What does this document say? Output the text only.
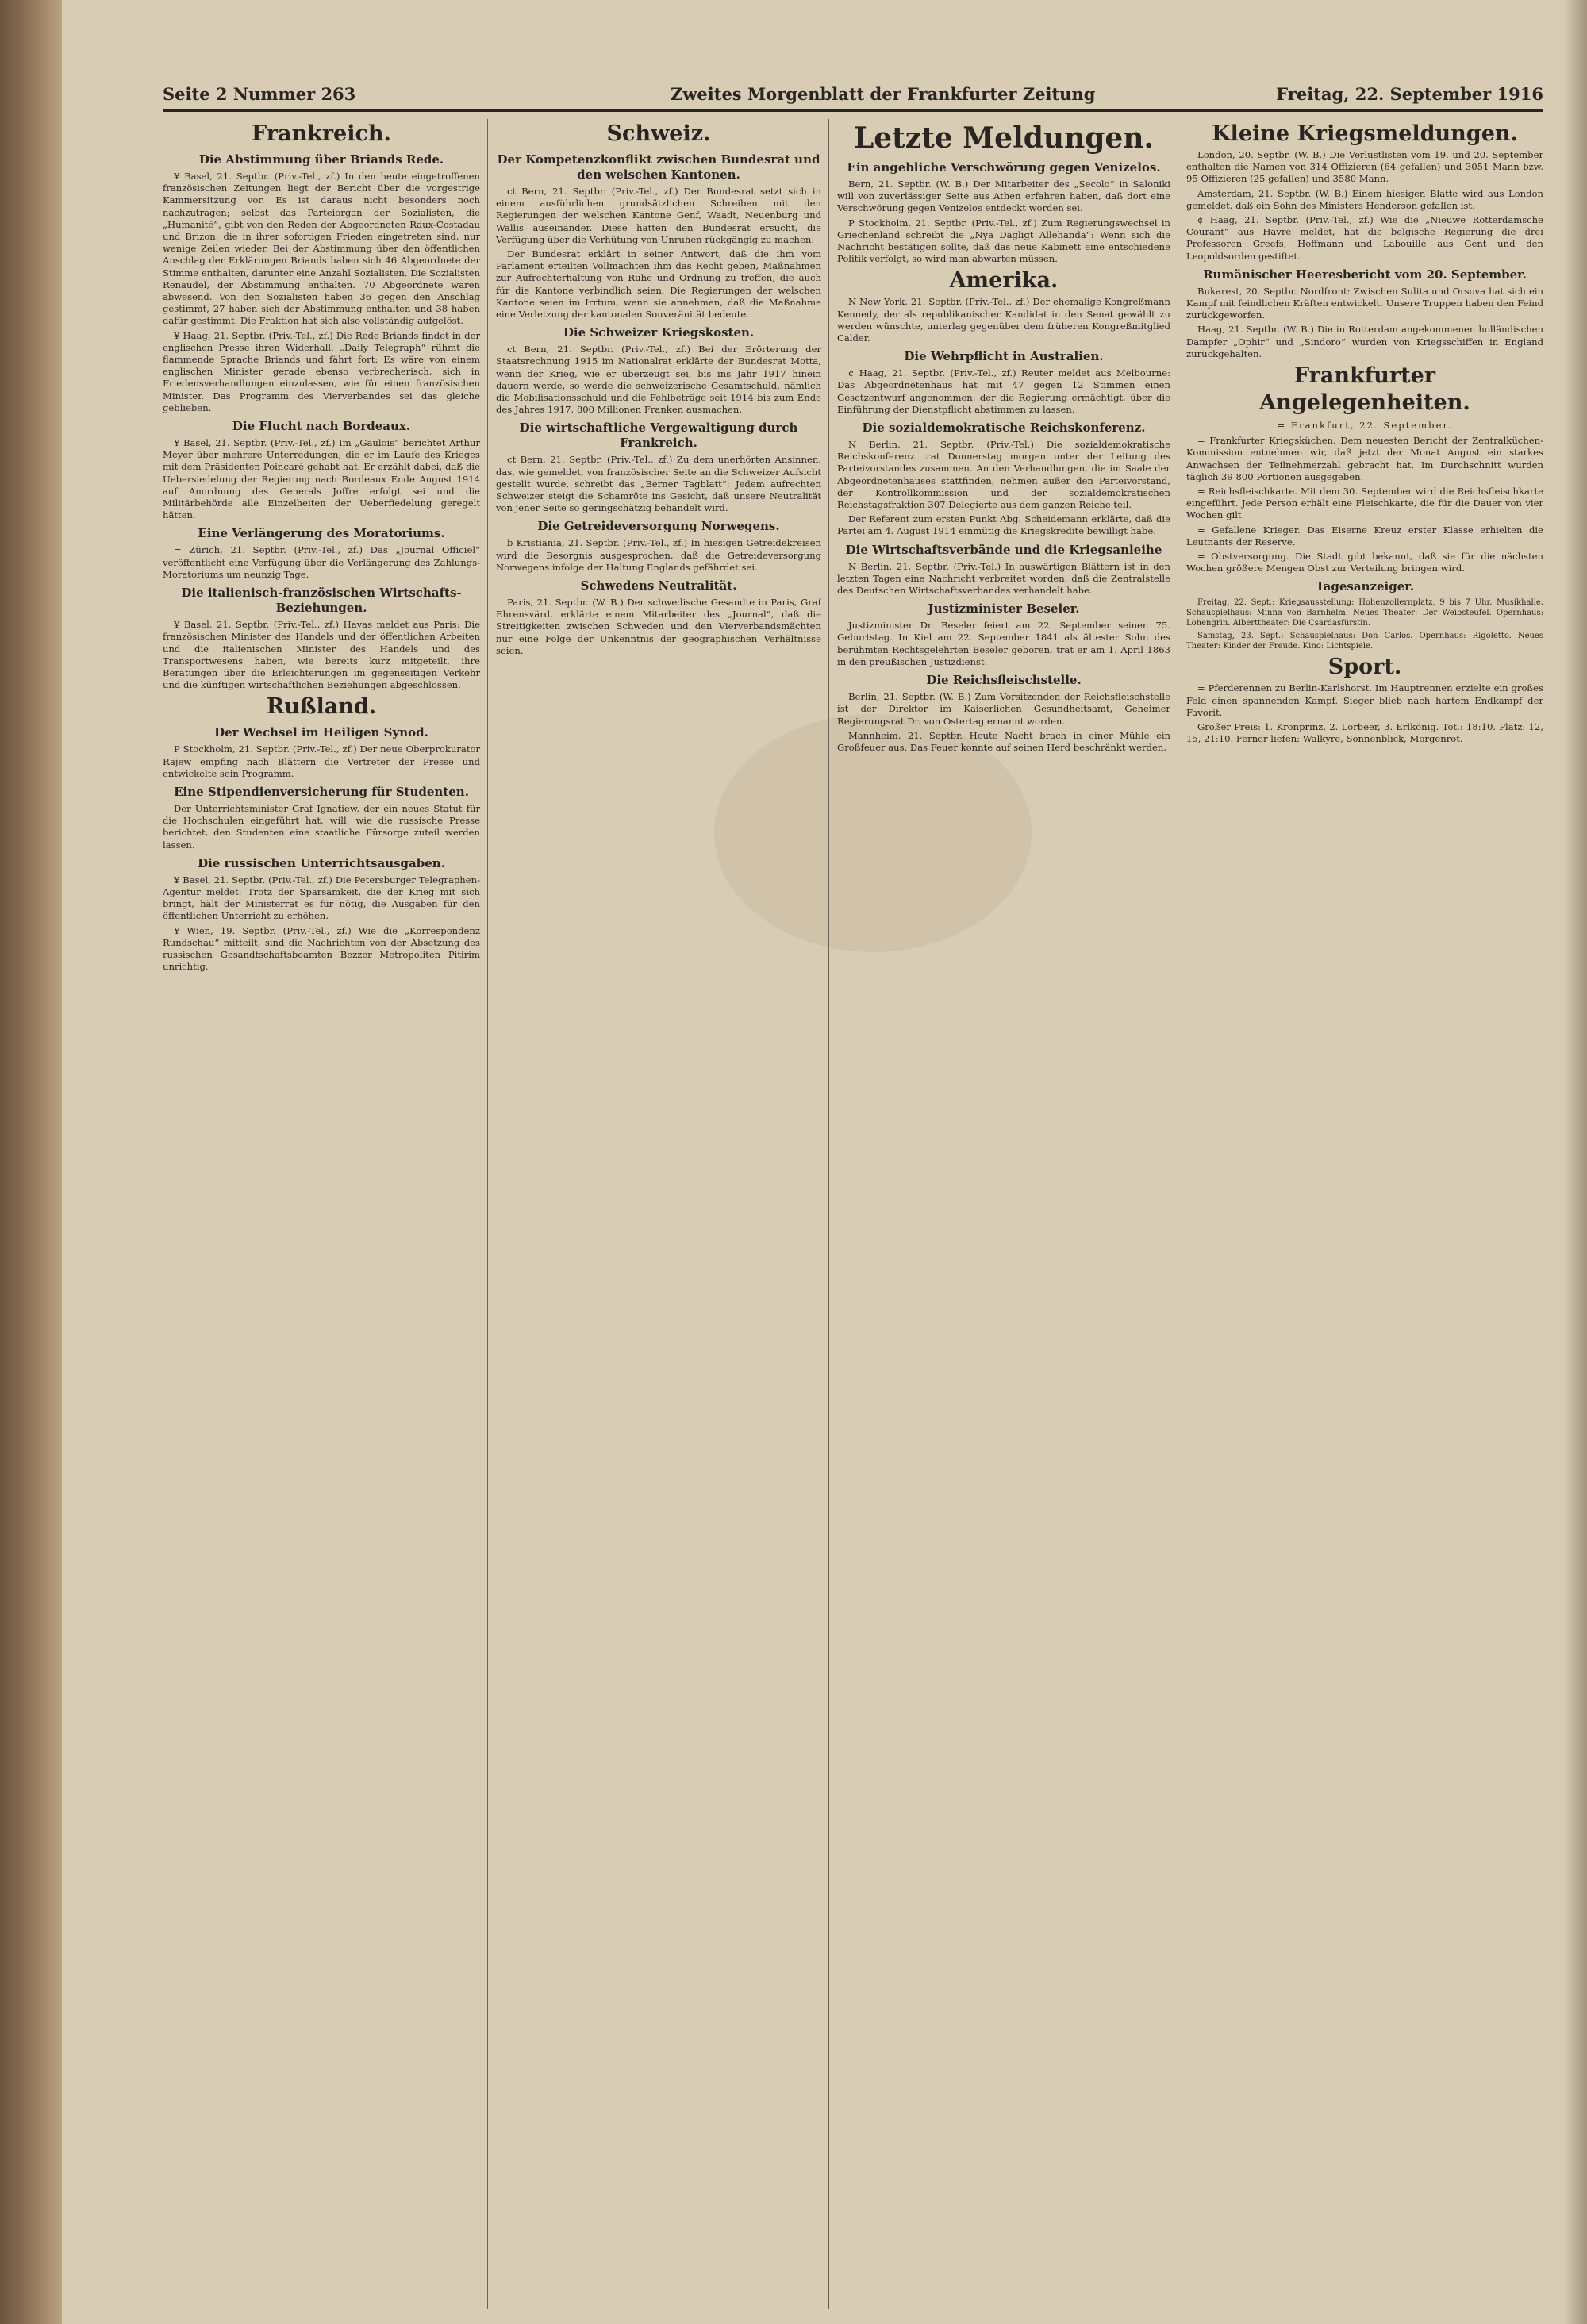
Seite 2 Nummer 263	Zweites Morgenblatt der Frankfurter Zeitung	Freitag, 22. September 1916
Frankreich.
Die Abstimmung über Briands Rede.

¥ Basel, 21. Septbr. (Priv.-Tel., zf.) In den heute eingetroffenen französischen Zeitungen liegt der Bericht über die vorgestrige Kammersitzung vor. Es ist daraus nicht besonders noch nachzutragen; selbst das Parteiorgan der Sozialisten, die „Humanité“, gibt von den Reden der Abgeordneten Raux-Costadau und Brizon, die in ihrer sofortigen Frieden eingetreten sind, nur wenige Zeilen wieder. Bei der Abstimmung über den öffentlichen Anschlag der Erklärungen Briands haben sich 46 Abgeordnete der Stimme enthalten, darunter eine Anzahl Sozialisten. Die Sozialisten Renaudel, der Abstimmung enthalten. 70 Abgeordnete waren abwesend. Von den Sozialisten haben 36 gegen den Anschlag gestimmt, 27 haben sich der Abstimmung enthalten und 38 haben dafür gestimmt. Die Fraktion hat sich also vollständig aufgelöst.

¥ Haag, 21. Septbr. (Priv.-Tel., zf.) Die Rede Briands findet in der englischen Presse ihren Widerhall. „Daily Telegraph“ rühmt die flammende Sprache Briands und fährt fort: Es wäre von einem englischen Minister gerade ebenso verbrecherisch, sich in Friedensverhandlungen einzulassen, wie für einen französischen Minister. Das Programm des Vierverbandes sei das gleiche geblieben.

Die Flucht nach Bordeaux.

¥ Basel, 21. Septbr. (Priv.-Tel., zf.) Im „Gaulois“ berichtet Arthur Meyer über mehrere Unterredungen, die er im Laufe des Krieges mit dem Präsidenten Poincaré gehabt hat. Er erzählt dabei, daß die Uebersiedelung der Regierung nach Bordeaux Ende August 1914 auf Anordnung des Generals Joffre erfolgt sei und die Militärbehörde alle Einzelheiten der Ueberfiedelung geregelt hätten.

Eine Verlängerung des Moratoriums.

= Zürich, 21. Septbr. (Priv.-Tel., zf.) Das „Journal Officiel“ veröffentlicht eine Verfügung über die Verlängerung des Zahlungs-Moratoriums um neunzig Tage.

Die italienisch-französischen Wirtschafts-Beziehungen.

¥ Basel, 21. Septbr. (Priv.-Tel., zf.) Havas meldet aus Paris: Die französischen Minister des Handels und der öffentlichen Arbeiten und die italienischen Minister des Handels und des Transportwesens haben, wie bereits kurz mitgeteilt, ihre Beratungen über die Erleichterungen im gegenseitigen Verkehr und die künftigen wirtschaftlichen Beziehungen abgeschlossen.

Rußland.
Der Wechsel im Heiligen Synod.

P Stockholm, 21. Septbr. (Priv.-Tel., zf.) Der neue Oberprokurator Rajew empfing nach Blättern die Vertreter der Presse und entwickelte sein Programm.

Eine Stipendienversicherung für Studenten.

Der Unterrichtsminister Graf Ignatiew, der ein neues Statut für die Hochschulen eingeführt hat, will, wie die russische Presse berichtet, den Studenten eine staatliche Fürsorge zuteil werden lassen.

Die russischen Unterrichtsausgaben.

¥ Basel, 21. Septbr. (Priv.-Tel., zf.) Die Petersburger Telegraphen-Agentur meldet: Trotz der Sparsamkeit, die der Krieg mit sich bringt, hält der Ministerrat es für nötig, die Ausgaben für den öffentlichen Unterricht zu erhöhen.

¥ Wien, 19. Septbr. (Priv.-Tel., zf.) Wie die „Korrespondenz Rundschau“ mitteilt, sind die Nachrichten von der Absetzung des russischen Gesandtschaftsbeamten Bezzer Metropoliten Pitirim unrichtig.

Schweiz.
Der Kompetenzkonflikt zwischen Bundesrat und den welschen Kantonen.

ct Bern, 21. Septbr. (Priv.-Tel., zf.) Der Bundesrat setzt sich in einem ausführlichen grundsätzlichen Schreiben mit den Regierungen der welschen Kantone Genf, Waadt, Neuenburg und Wallis auseinander. Diese hatten den Bundesrat ersucht, die Verfügung über die Verhütung von Unruhen rückgängig zu machen.

Der Bundesrat erklärt in seiner Antwort, daß die ihm vom Parlament erteilten Vollmachten ihm das Recht geben, Maßnahmen zur Aufrechterhaltung von Ruhe und Ordnung zu treffen, die auch für die Kantone verbindlich seien. Die Regierungen der welschen Kantone seien im Irrtum, wenn sie annehmen, daß die Maßnahme eine Verletzung der kantonalen Souveränität bedeute.

Die Schweizer Kriegskosten.

ct Bern, 21. Septbr. (Priv.-Tel., zf.) Bei der Erörterung der Staatsrechnung 1915 im Nationalrat erklärte der Bundesrat Motta, wenn der Krieg, wie er überzeugt sei, bis ins Jahr 1917 hinein dauern werde, so werde die schweizerische Gesamtschuld, nämlich die Mobilisationsschuld und die Fehlbeträge seit 1914 bis zum Ende des Jahres 1917, 800 Millionen Franken ausmachen.

Die wirtschaftliche Vergewaltigung durch Frankreich.

ct Bern, 21. Septbr. (Priv.-Tel., zf.) Zu dem unerhörten Ansinnen, das, wie gemeldet, von französischer Seite an die Schweizer Aufsicht gestellt wurde, schreibt das „Berner Tagblatt“: Jedem aufrechten Schweizer steigt die Schamröte ins Gesicht, daß unsere Neutralität von jener Seite so geringschätzig behandelt wird.

Die Getreideversorgung Norwegens.

b Kristiania, 21. Septbr. (Priv.-Tel., zf.) In hiesigen Getreidekreisen wird die Besorgnis ausgesprochen, daß die Getreideversorgung Norwegens infolge der Haltung Englands gefährdet sei.

Schwedens Neutralität.

Paris, 21. Septbr. (W. B.) Der schwedische Gesandte in Paris, Graf Ehrensvärd, erklärte einem Mitarbeiter des „Journal“, daß die Streitigkeiten zwischen Schweden und den Vierverbandsmächten nur eine Folge der Unkenntnis der geographischen Verhältnisse seien.

Letzte Meldungen.
Ein angebliche Verschwörung gegen Venizelos.

Bern, 21. Septbr. (W. B.) Der Mitarbeiter des „Secolo“ in Saloniki will von zuverlässiger Seite aus Athen erfahren haben, daß dort eine Verschwörung gegen Venizelos entdeckt worden sei.

P Stockholm, 21. Septbr. (Priv.-Tel., zf.) Zum Regierungswechsel in Griechenland schreibt die „Nya Dagligt Allehanda“: Wenn sich die Nachricht bestätigen sollte, daß das neue Kabinett eine entschiedene Politik verfolgt, so wird man abwarten müssen.

Amerika.

N New York, 21. Septbr. (Priv.-Tel., zf.) Der ehemalige Kongreßmann Kennedy, der als republikanischer Kandidat in den Senat gewählt zu werden wünschte, unterlag gegenüber dem früheren Kongreßmitglied Calder.

Die Wehrpflicht in Australien.

¢ Haag, 21. Septbr. (Priv.-Tel., zf.) Reuter meldet aus Melbourne: Das Abgeordnetenhaus hat mit 47 gegen 12 Stimmen einen Gesetzentwurf angenommen, der die Regierung ermächtigt, über die Einführung der Dienstpflicht abstimmen zu lassen.

Die sozialdemokratische Reichskonferenz.

N Berlin, 21. Septbr. (Priv.-Tel.) Die sozialdemokratische Reichskonferenz trat Donnerstag morgen unter der Leitung des Parteivorstandes zusammen. An den Verhandlungen, die im Saale der Abgeordnetenhauses stattfinden, nehmen außer den Parteivorstand, der Kontrollkommission und der sozialdemokratischen Reichstagsfraktion 307 Delegierte aus dem ganzen Reiche teil.

Der Referent zum ersten Punkt Abg. Scheidemann erklärte, daß die Partei am 4. August 1914 einmütig die Kriegskredite bewilligt habe.

Die Wirtschaftsverbände und die Kriegsanleihe

N Berlin, 21. Septbr. (Priv.-Tel.) In auswärtigen Blättern ist in den letzten Tagen eine Nachricht verbreitet worden, daß die Zentralstelle des Deutschen Wirtschaftsverbandes verhandelt habe.

Justizminister Beseler.

Justizminister Dr. Beseler feiert am 22. September seinen 75. Geburtstag. In Kiel am 22. September 1841 als ältester Sohn des berühmten Rechtsgelehrten Beseler geboren, trat er am 1. April 1863 in den preußischen Justizdienst.

Die Reichsfleischstelle.

Berlin, 21. Septbr. (W. B.) Zum Vorsitzenden der Reichsfleischstelle ist der Direktor im Kaiserlichen Gesundheitsamt, Geheimer Regierungsrat Dr. von Ostertag ernannt worden.

Mannheim, 21. Septbr. Heute Nacht brach in einer Mühle ein Großfeuer aus. Das Feuer konnte auf seinen Herd beschränkt werden.

Kleine Kriegsmeldungen.

London, 20. Septbr. (W. B.) Die Verlustlisten vom 19. und 20. September enthalten die Namen von 314 Offizieren (64 gefallen) und 3051 Mann bzw. 95 Offizieren (25 gefallen) und 3580 Mann.

Amsterdam, 21. Septbr. (W. B.) Einem hiesigen Blatte wird aus London gemeldet, daß ein Sohn des Ministers Henderson gefallen ist.

¢ Haag, 21. Septbr. (Priv.-Tel., zf.) Wie die „Nieuwe Rotterdamsche Courant“ aus Havre meldet, hat die belgische Regierung die drei Professoren Greefs, Hoffmann und Labouille aus Gent und den Leopoldsorden gestiftet.

Rumänischer Heeresbericht vom 20. September.

Bukarest, 20. Septbr. Nordfront: Zwischen Sulita und Orsova hat sich ein Kampf mit feindlichen Kräften entwickelt. Unsere Truppen haben den Feind zurückgeworfen.

Haag, 21. Septbr. (W. B.) Die in Rotterdam angekommenen holländischen Dampfer „Ophir“ und „Sindoro“ wurden von Kriegsschiffen in England zurückgehalten.

Frankfurter Angelegenheiten.
= Frankfurt, 22. September.

= Frankfurter Kriegsküchen. Dem neuesten Bericht der Zentralküchen-Kommission entnehmen wir, daß jetzt der Monat August ein starkes Anwachsen der Teilnehmerzahl gebracht hat. Im Durchschnitt wurden täglich 39 800 Portionen ausgegeben.

= Reichsfleischkarte. Mit dem 30. September wird die Reichsfleischkarte eingeführt. Jede Person erhält eine Fleischkarte, die für die Dauer von vier Wochen gilt.

= Gefallene Krieger. Das Eiserne Kreuz erster Klasse erhielten die Leutnants der Reserve.

= Obstversorgung. Die Stadt gibt bekannt, daß sie für die nächsten Wochen größere Mengen Obst zur Verteilung bringen wird.

Tagesanzeiger.

Freitag, 22. Sept.: Kriegsausstellung: Hohenzollernplatz, 9 bis 7 Uhr. Musikhalle. Schauspielhaus: Minna von Barnhelm. Neues Theater: Der Weibsteufel. Opernhaus: Lohengrin. Alberttheater: Die Csardasfürstin.

Samstag, 23. Sept.: Schauspielhaus: Don Carlos. Opernhaus: Rigoletto. Neues Theater: Kinder der Freude. Kino: Lichtspiele.

Sport.

= Pferderennen zu Berlin-Karlshorst. Im Hauptrennen erzielte ein großes Feld einen spannenden Kampf. Sieger blieb nach hartem Endkampf der Favorit.

Großer Preis: 1. Kronprinz, 2. Lorbeer, 3. Erlkönig. Tot.: 18:10. Platz: 12, 15, 21:10. Ferner liefen: Walkyre, Sonnenblick, Morgenrot.
